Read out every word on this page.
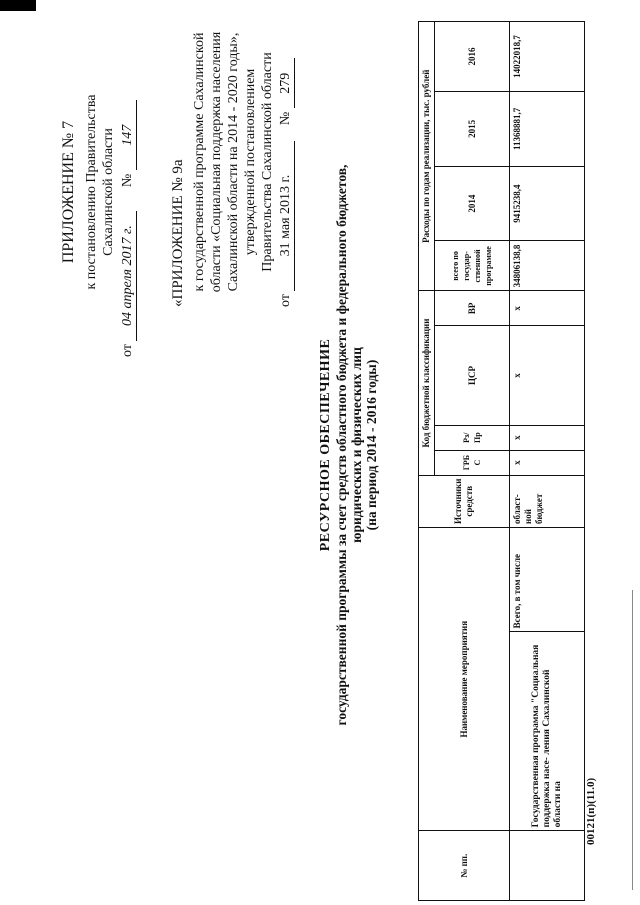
ПРИЛОЖЕНИЕ № 7 к постановлению Правительства Сахалинской области
от 04 апреля 2017 г. № 147
«ПРИЛОЖЕНИЕ № 9а к государственной программе Сахалинской области «Социальная поддержка населения Сахалинской области на 2014 - 2020 годы», утвержденной постановлением Правительства Сахалинской области
от 31 мая 2013 г. № 279
РЕСУРСНОЕ ОБЕСПЕЧЕНИЕ государственной программы за счет средств областного бюджета и федерального бюджетов, юридических и физических лиц (на период 2014 - 2016 годы)
№ пп.	Наименование мероприятия		Источники средств	Код бюджетной классификации				Расходы по годам реализации, тыс. рублей			
				ГРБ С	Рз/ Пр	ЦСР	ВР	всего по государ- ственной программе	2014	2015	2016
	Государственная программа "Социальная поддержка насе- ления Сахалинской области на	Всего, в том числе	област- ной бюджет	х	х	х	х	34806138,8	9415238,4	11368881,7	14022018,7
00121(п)(11.0)
